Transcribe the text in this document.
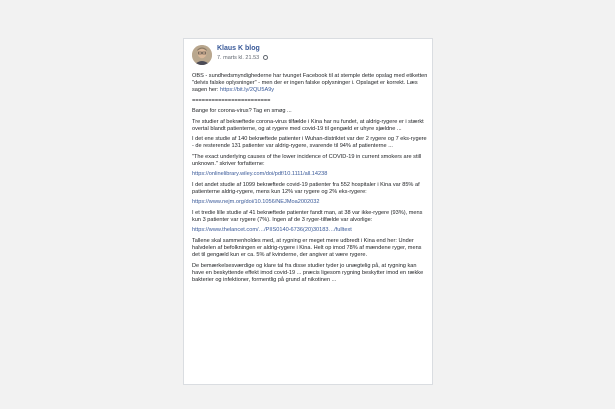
Klaus K blog
7. marts kl. 21.53

OBS - sundhedsmyndighederne har tvunget Facebook til at stemple dette opslag med etiketten "delvis falske oplysninger" - men der er ingen falske oplysninger i. Opslaget er korrekt. Læs sagen her: https://bit.ly/2QU5A9y

========================

Bange for corona-virus? Tag en smøg ...

Tre studier af bekræftede corona-virus tilfælde i Kina har nu fundet, at aldrig-rygere er i stærkt overtal blandt patienterne, og at rygere med covid-19 til gengæld er uhyre sjældne ...

I det ene studie af 140 bekræftede patienter i Wuhan-distriktet var der 2 rygere og 7 eks-rygere - de resterende 131 patienter var aldrig-rygere, svarende til 94% af patienterne ...

"The exact underlying causes of the lower incidence of COVID-19 in current smokers are still unknown." skriver forfatterne:

https://onlinelibrary.wiley.com/doi/pdf/10.1111/all.14238

I det andet studie af 1099 bekræftede covid-19 patienter fra 552 hospitaler i Kina var 85% af patienterne aldrig-rygere, mens kun 12% var rygere og 2% eks-rygere:

https://www.nejm.org/doi/10.1056/NEJMoa2002032

I et tredie lille studie af 41 bekræftede patienter fandt man, at 38 var ikke-rygere (93%), mens kun 3 patienter var rygere (7%). Ingen af de 3 ryger-tilfælde var alvorlige:

https://www.thelancet.com/…/PIIS0140-6736(20)30183…/fulltext

Tallene skal sammenholdes med, at rygning er meget mere udbredt i Kina end her: Under halvdelen af befolkningen er aldrig-rygere i Kina. Helt op imod 78% af mændene ryger, mens det til gengæld kun er ca. 5% af kvinderne, der angiver at være rygere.

De bemærkelsesværdige og klare tal fra disse studier tyder jo unægtelig på, at rygning kan have en beskyttende effekt imod covid-19 ... præcis ligesom rygning beskytter imod en række bakterier og infektioner, formentlig på grund af nikotinen ...
